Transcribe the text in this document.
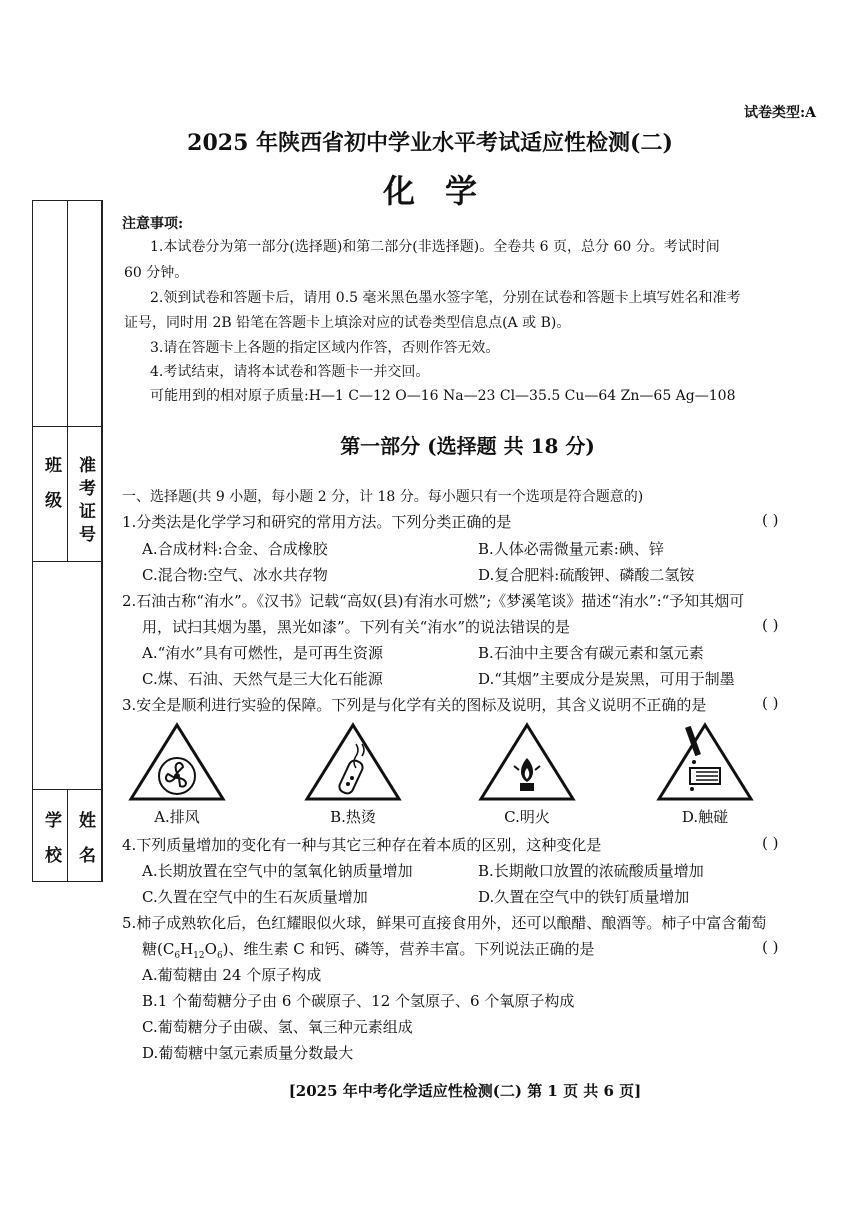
试卷类型:A
2025 年陕西省初中学业水平考试适应性检测(二)
化学
班 级 准考证号
学 校 姓 名
注意事项:
1.本试卷分为第一部分(选择题)和第二部分(非选择题)。全卷共 6 页，总分 60 分。考试时间
60 分钟。
2.领到试卷和答题卡后，请用 0.5 毫米黑色墨水签字笔，分别在试卷和答题卡上填写姓名和准考
证号，同时用 2B 铅笔在答题卡上填涂对应的试卷类型信息点(A 或 B)。
3.请在答题卡上各题的指定区域内作答，否则作答无效。
4.考试结束，请将本试卷和答题卡一并交回。
可能用到的相对原子质量:H—1 C—12 O—16 Na—23 Cl—35.5 Cu—64 Zn—65 Ag—108
第一部分 (选择题 共 18 分)
一、选择题(共 9 小题，每小题 2 分，计 18 分。每小题只有一个选项是符合题意的)
1.分类法是化学学习和研究的常用方法。下列分类正确的是	( )
A.合成材料:合金、合成橡胶	B.人体必需微量元素:碘、锌
C.混合物:空气、冰水共存物	D.复合肥料:硫酸钾、磷酸二氢铵
2.石油古称“洧水”。《汉书》记载“高奴(县)有洧水可燃”;《梦溪笔谈》描述“洧水”:“予知其烟可
用，试扫其烟为墨，黑光如漆”。下列有关“洧水”的说法错误的是	( )
A.“洧水”具有可燃性，是可再生资源	B.石油中主要含有碳元素和氢元素
C.煤、石油、天然气是三大化石能源	D.“其烟”主要成分是炭黑，可用于制墨
3.安全是顺利进行实验的保障。下列是与化学有关的图标及说明，其含义说明不正确的是	( )
A.排风	B.热烫	C.明火	D.触碰
4.下列质量增加的变化有一种与其它三种存在着本质的区别，这种变化是	( )
A.长期放置在空气中的氢氧化钠质量增加	B.长期敞口放置的浓硫酸质量增加
C.久置在空气中的生石灰质量增加	D.久置在空气中的铁钉质量增加
5.柿子成熟软化后，色红耀眼似火球，鲜果可直接食用外，还可以酿醋、酿酒等。柿子中富含葡萄
糖$(C_6H_{12}O_6)$、维生素 C 和钙、磷等，营养丰富。下列说法正确的是	( )
A.葡萄糖由 24 个原子构成
B.1 个葡萄糖分子由 6 个碳原子、12 个氢原子、6 个氧原子构成
C.葡萄糖分子由碳、氢、氧三种元素组成
D.葡萄糖中氢元素质量分数最大
[2025 年中考化学适应性检测(二) 第 1 页 共 6 页]
